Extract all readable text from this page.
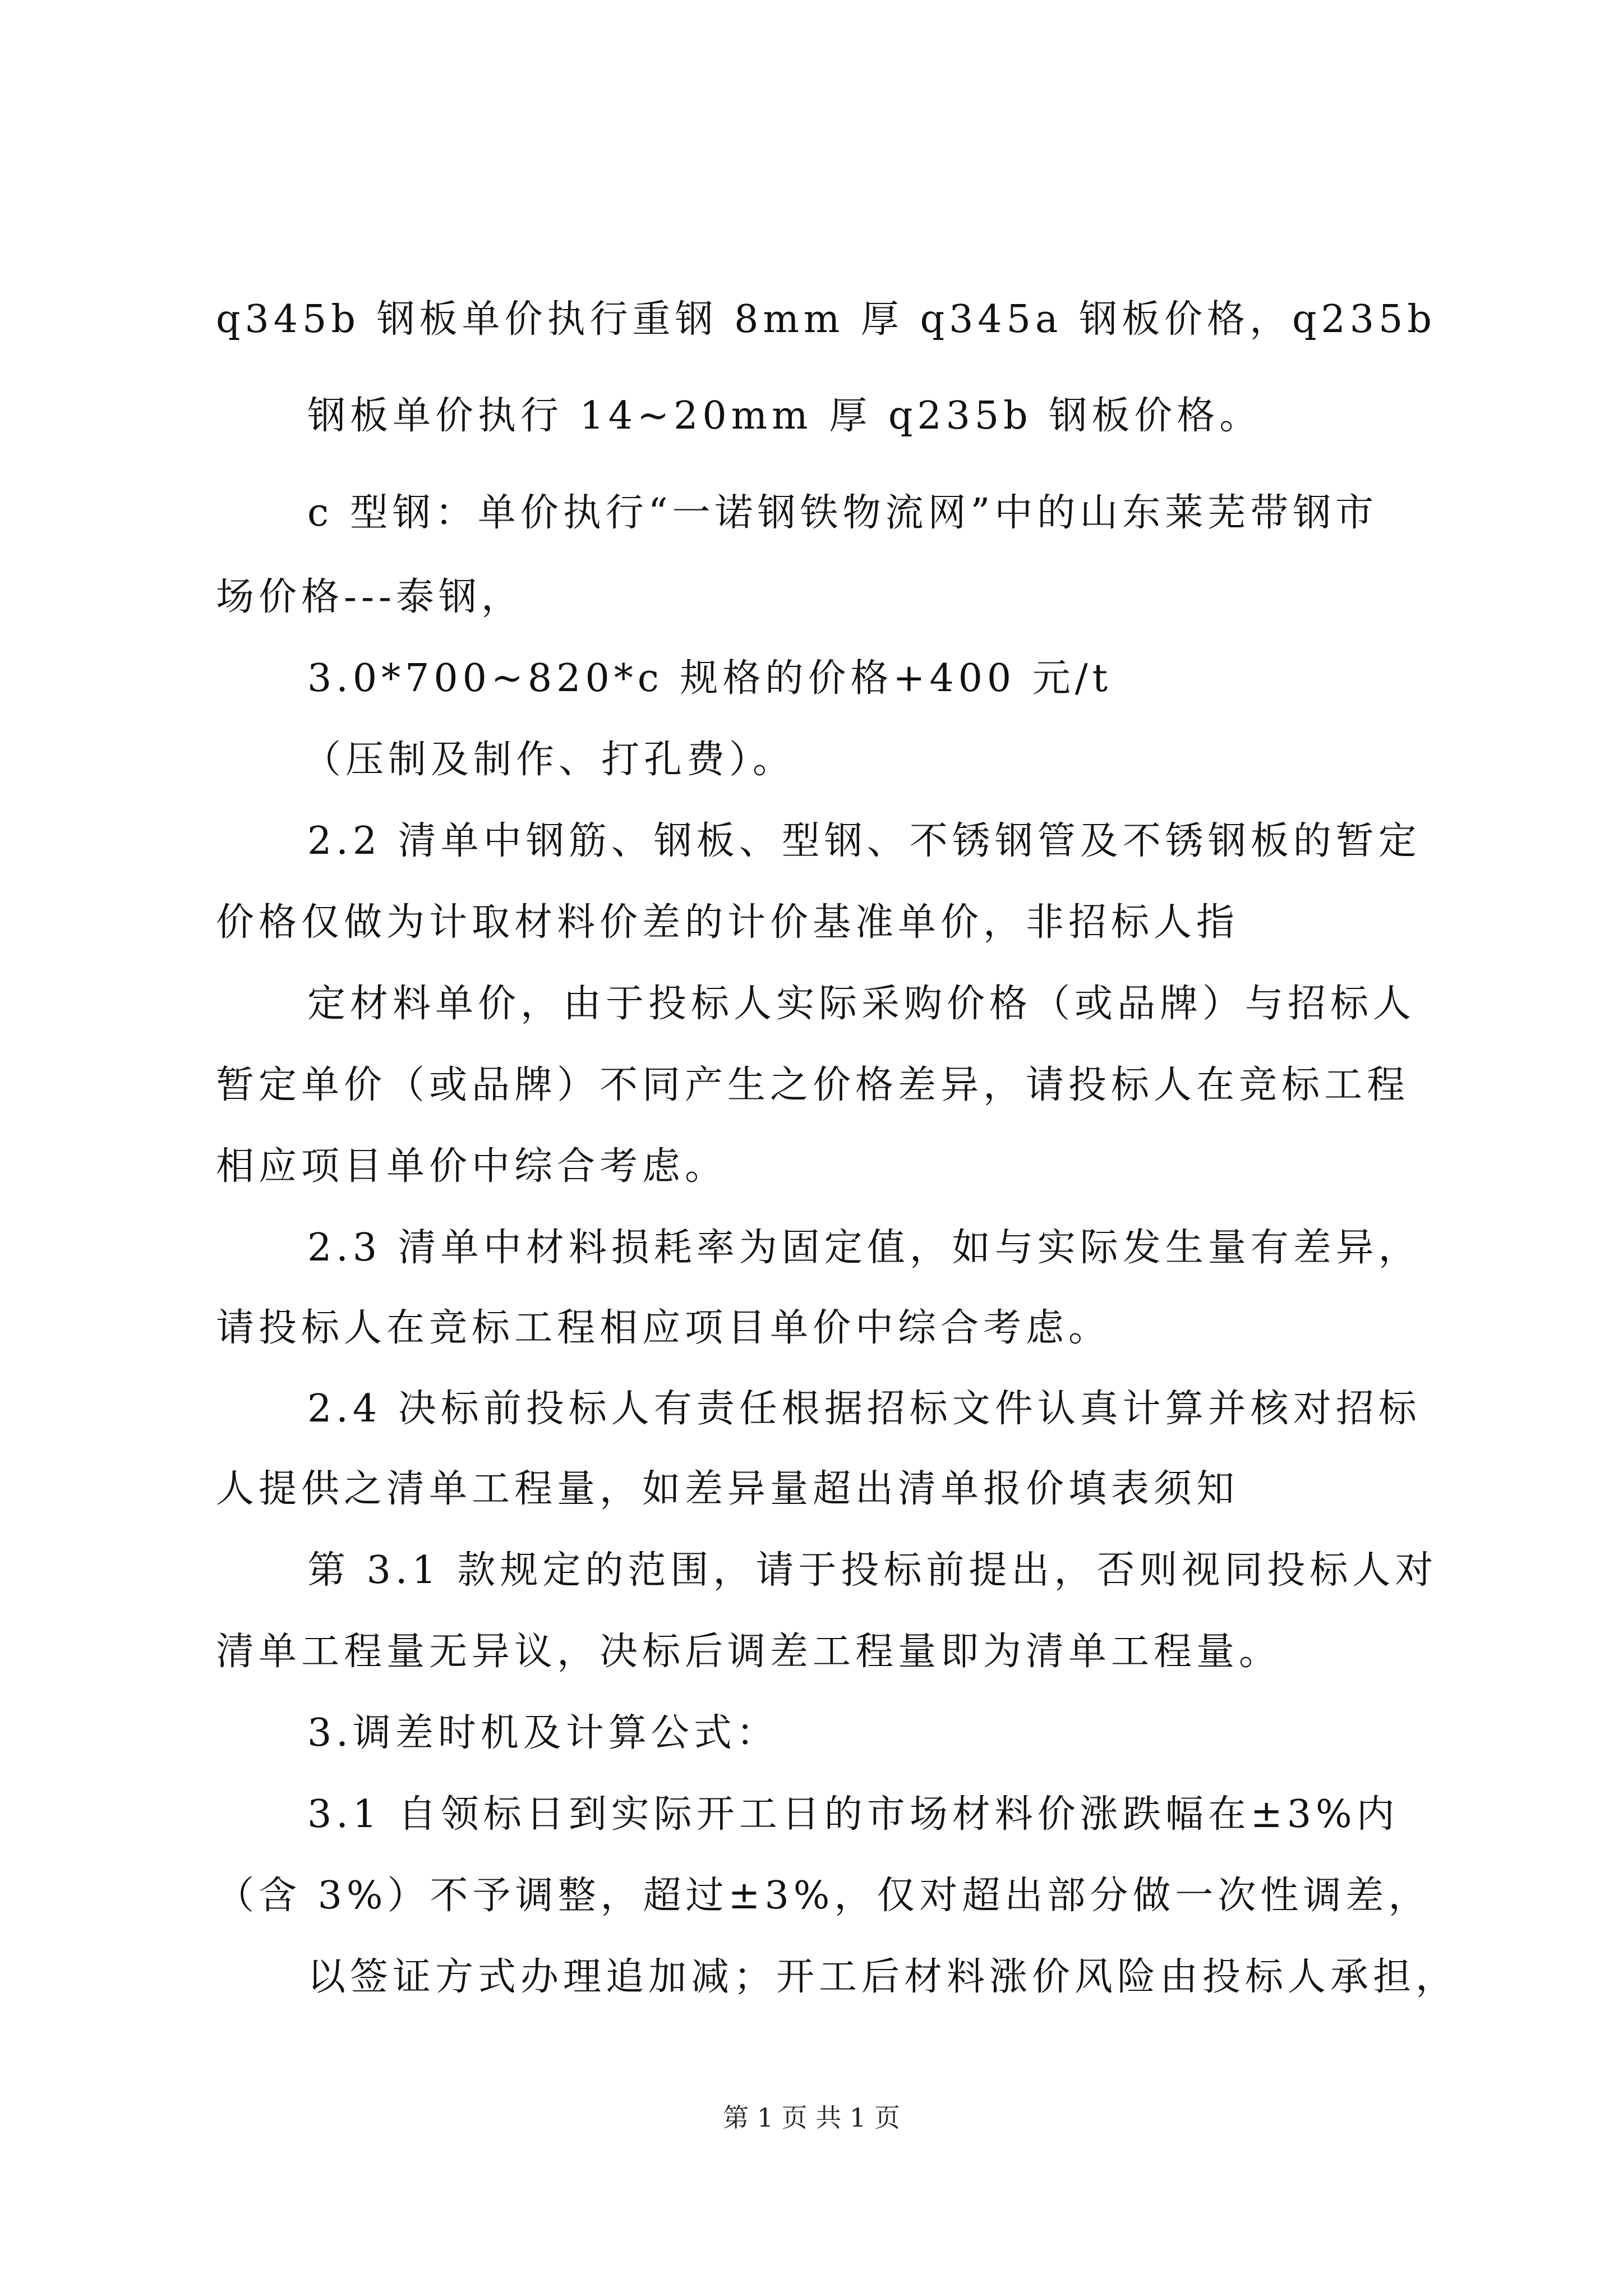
q345b 钢板单价执行重钢 8mm 厚 q345a 钢板价格，q235b
钢板单价执行 14~20mm 厚 q235b 钢板价格。
c 型钢：单价执行“一诺钢铁物流网”中的山东莱芜带钢市
场价格---泰钢，
3.0*700~820*c 规格的价格+400 元/t
（压制及制作、打孔费）。
2.2 清单中钢筋、钢板、型钢、不锈钢管及不锈钢板的暂定
价格仅做为计取材料价差的计价基准单价，非招标人指
定材料单价，由于投标人实际采购价格（或品牌）与招标人
暂定单价（或品牌）不同产生之价格差异，请投标人在竞标工程
相应项目单价中综合考虑。
2.3 清单中材料损耗率为固定值，如与实际发生量有差异，
请投标人在竞标工程相应项目单价中综合考虑。
2.4 决标前投标人有责任根据招标文件认真计算并核对招标
人提供之清单工程量，如差异量超出清单报价填表须知
第 3.1 款规定的范围，请于投标前提出，否则视同投标人对
清单工程量无异议，决标后调差工程量即为清单工程量。
3.调差时机及计算公式：
3.1 自领标日到实际开工日的市场材料价涨跌幅在±3%内
（含 3%）不予调整，超过±3%，仅对超出部分做一次性调差，
以签证方式办理追加减；开工后材料涨价风险由投标人承担，
第 1 页 共 1 页
